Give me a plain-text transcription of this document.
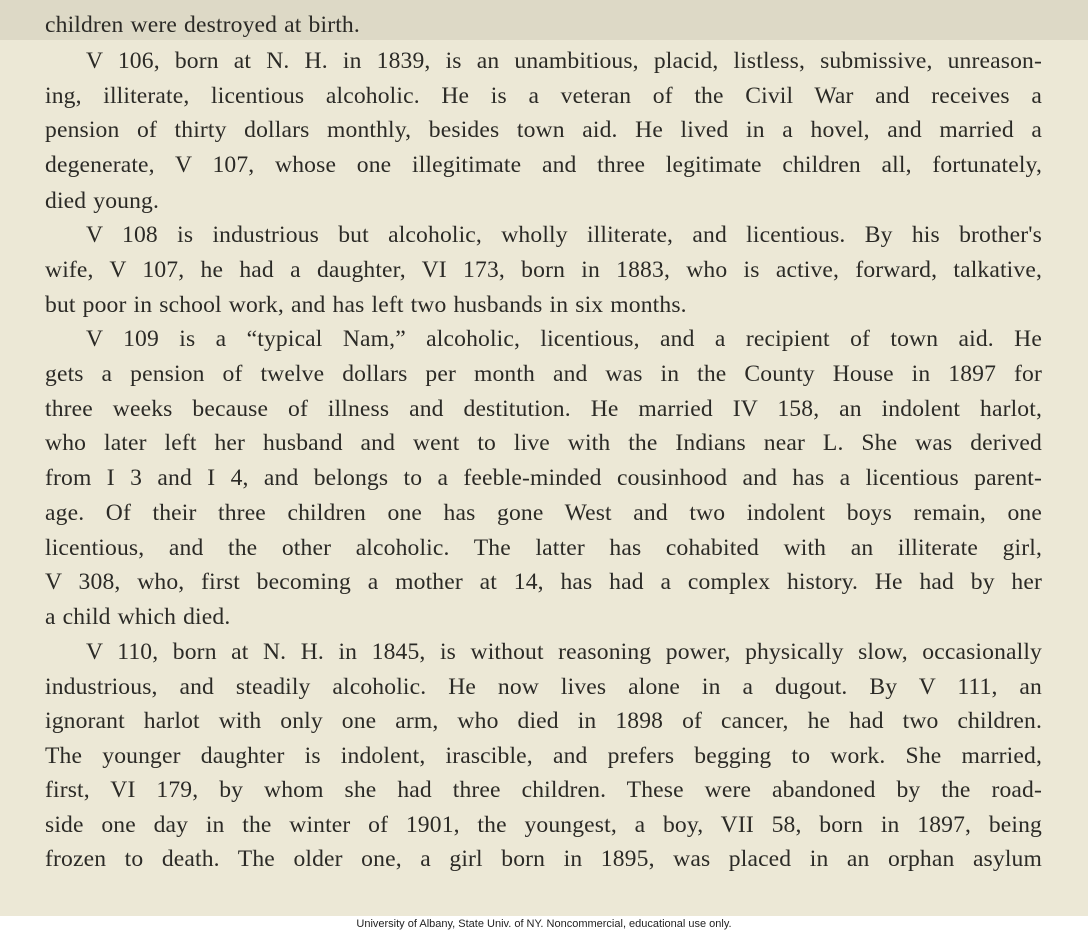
children were destroyed at birth.
V 106, born at N. H. in 1839, is an unambitious, placid, listless, submissive, unreason-
ing, illiterate, licentious alcoholic. He is a veteran of the Civil War and receives a
pension of thirty dollars monthly, besides town aid. He lived in a hovel, and married a
degenerate, V 107, whose one illegitimate and three legitimate children all, fortunately,
died young.
V 108 is industrious but alcoholic, wholly illiterate, and licentious. By his brother's
wife, V 107, he had a daughter, VI 173, born in 1883, who is active, forward, talkative,
but poor in school work, and has left two husbands in six months.
V 109 is a “typical Nam,” alcoholic, licentious, and a recipient of town aid. He
gets a pension of twelve dollars per month and was in the County House in 1897 for
three weeks because of illness and destitution. He married IV 158, an indolent harlot,
who later left her husband and went to live with the Indians near L. She was derived
from I 3 and I 4, and belongs to a feeble-minded cousinhood and has a licentious parent-
age. Of their three children one has gone West and two indolent boys remain, one
licentious, and the other alcoholic. The latter has cohabited with an illiterate girl,
V 308, who, first becoming a mother at 14, has had a complex history. He had by her
a child which died.
V 110, born at N. H. in 1845, is without reasoning power, physically slow, occasionally
industrious, and steadily alcoholic. He now lives alone in a dugout. By V 111, an
ignorant harlot with only one arm, who died in 1898 of cancer, he had two children.
The younger daughter is indolent, irascible, and prefers begging to work. She married,
first, VI 179, by whom she had three children. These were abandoned by the road-
side one day in the winter of 1901, the youngest, a boy, VII 58, born in 1897, being
frozen to death. The older one, a girl born in 1895, was placed in an orphan asylum
University of Albany, State Univ. of NY. Noncommercial, educational use only.
